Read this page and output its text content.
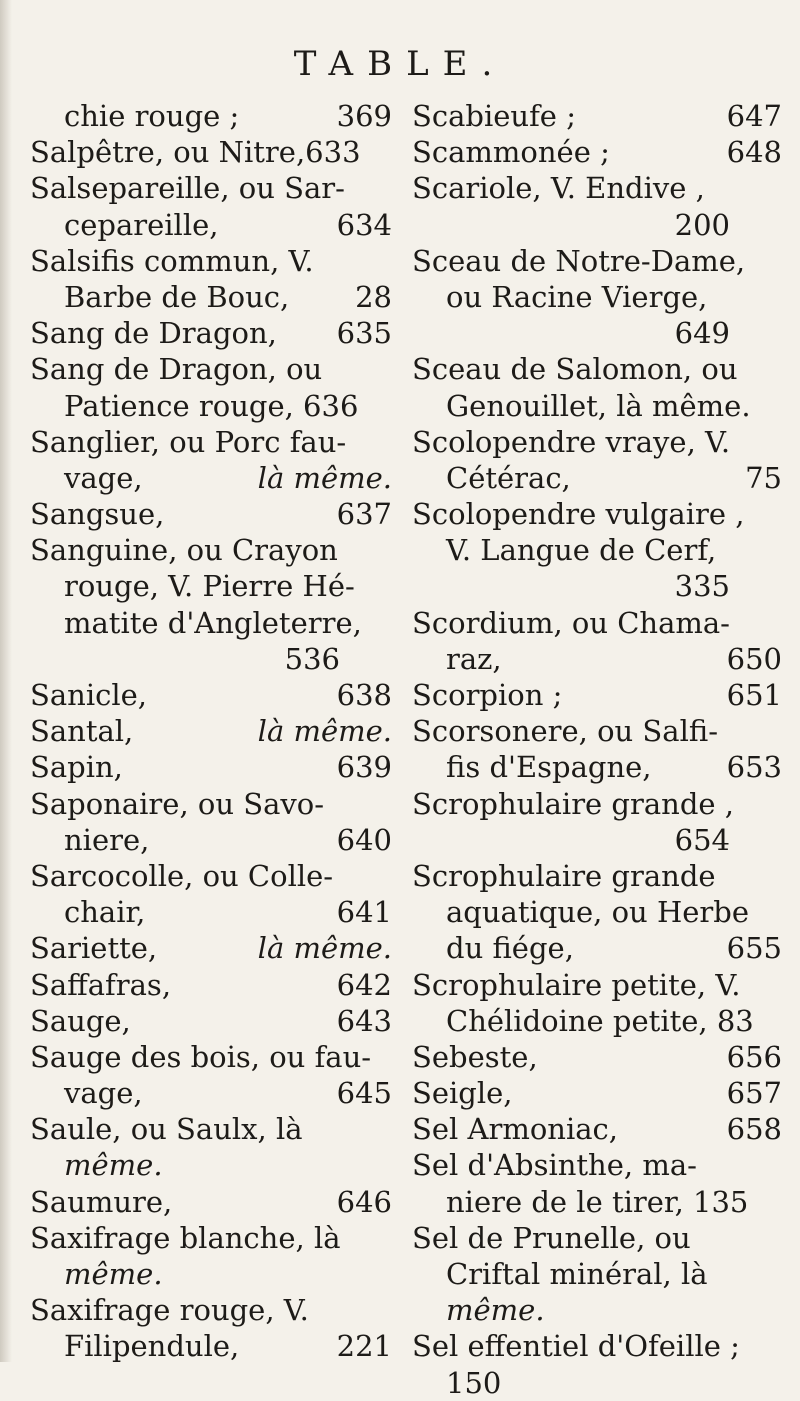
TABLE.
chie rouge ;	369
Salpêtre, ou Nitre,633
Salsepareille, ou Sar-
cepareille,	634
Salsifis commun, V.
Barbe de Bouc, 28
Sang de Dragon, 635
Sang de Dragon, ou
Patience rouge, 636
Sanglier, ou Porc fau-
vage,	là même.
Sangsue,	637
Sanguine, ou Crayon
rouge, V. Pierre Hé-
matite d'Angleterre,
536
Sanicle,	638
Santal,	là même.
Sapin,	639
Saponaire, ou Savo-
niere,	640
Sarcocolle, ou Colle-
chair,	641
Sariette,	là même.
Saffafras,	642
Sauge,	643
Sauge des bois, ou fau-
vage,	645
Saule, ou Saulx, là
même.
Saumure,	646
Saxifrage blanche, là
même.
Saxifrage rouge, V.
Filipendule,	221
Scabieufe ;	647
Scammonée ;	648
Scariole, V. Endive ,
200
Sceau de Notre-Dame,
ou Racine Vierge,
649
Sceau de Salomon, ou
Genouillet, là même.
Scolopendre vraye, V.
Cétérac,	75
Scolopendre vulgaire ,
V. Langue de Cerf,
335
Scordium, ou Chama-
raz,	650
Scorpion ;	651
Scorsonere, ou Salfi-
fis d'Espagne,	653
Scrophulaire grande ,
654
Scrophulaire grande
aquatique, ou Herbe
du fiége,	655
Scrophulaire petite, V.
Chélidoine petite, 83
Sebeste,	656
Seigle,	657
Sel Armoniac,	658
Sel d'Absinthe, ma-
niere de le tirer, 135
Sel de Prunelle, ou
Criftal minéral, là
même.
Sel effentiel d'Ofeille ;
150
